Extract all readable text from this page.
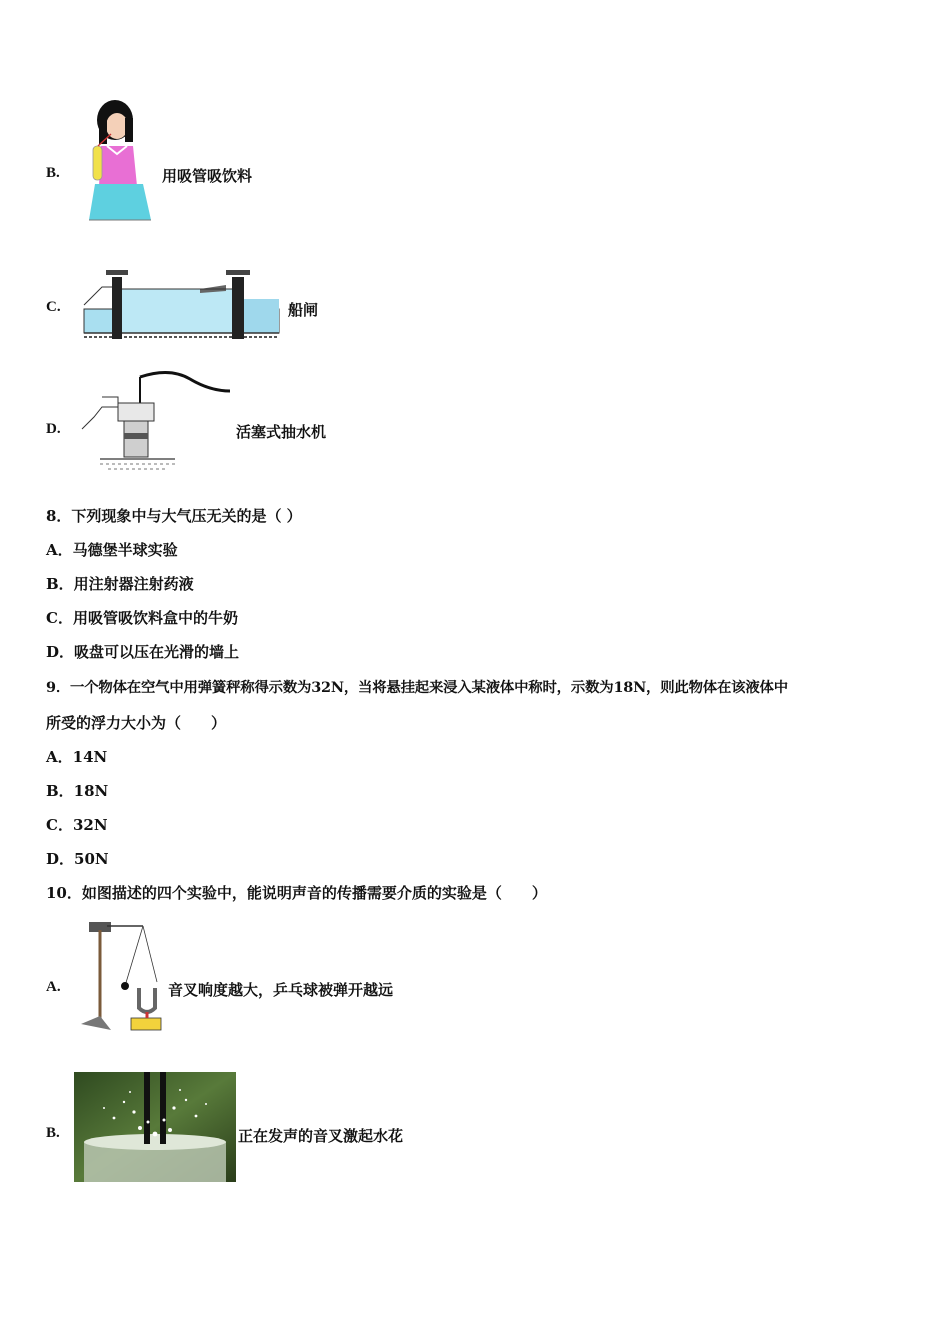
B.	用吸管吸饮料
C.	船闸
D.	活塞式抽水机
8．下列现象中与大气压无关的是（ ）
A．马德堡半球实验
B．用注射器注射药液
C．用吸管吸饮料盒中的牛奶
D．吸盘可以压在光滑的墙上
9．一个物体在空气中用弹簧秤称得示数为32N，当将悬挂起来浸入某液体中称时，示数为18N，则此物体在该液体中
所受的浮力大小为（　　）
A．14N
B．18N
C．32N
D．50N
10．如图描述的四个实验中，能说明声音的传播需要介质的实验是（　　）
A.	音叉响度越大，乒乓球被弹开越远
B.	正在发声的音叉激起水花
